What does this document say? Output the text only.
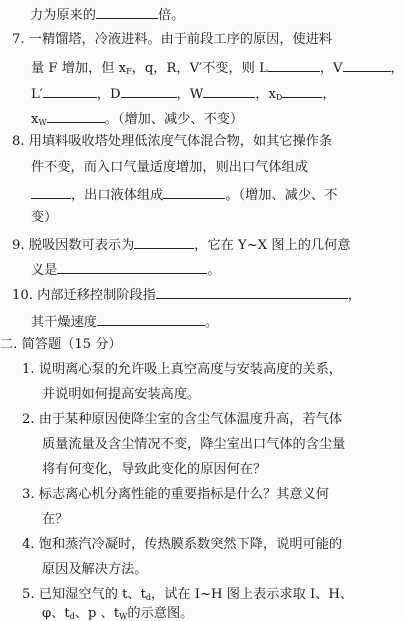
力为原来的	倍。
7. 一精馏塔，冷液进料。由于前段工序的原因，使进料
量 F 增加，但 $x_F$，q，R，V′不变，则 L	，V	，
L′	，D	，W	，$x_D$	，
$x_W$	。（增加、减少、不变）
8. 用填料吸收塔处理低浓度气体混合物，如其它操作条
件不变，而入口气量适度增加，则出口气体组成
，出口液体组成	。（增加、减少、不
变）
9. 脱吸因数可表示为	，它在 Y~X 图上的几何意
义是	。
10. 内部迁移控制阶段指	，
其干燥速度	。
二. 简答题（15 分）
1. 说明离心泵的允许吸上真空高度与安装高度的关系，
并说明如何提高安装高度。
2. 由于某种原因使降尘室的含尘气体温度升高，若气体
质量流量及含尘情况不变，降尘室出口气体的含尘量
将有何变化，导致此变化的原因何在？
3. 标志离心机分离性能的重要指标是什么？其意义何
在？
4. 饱和蒸汽冷凝时，传热膜系数突然下降，说明可能的
原因及解决方法。
5. 已知湿空气的 t、$t_d$，试在 I~H 图上表示求取 I、H、
φ、$t_d$、p 、$t_W$的示意图。
